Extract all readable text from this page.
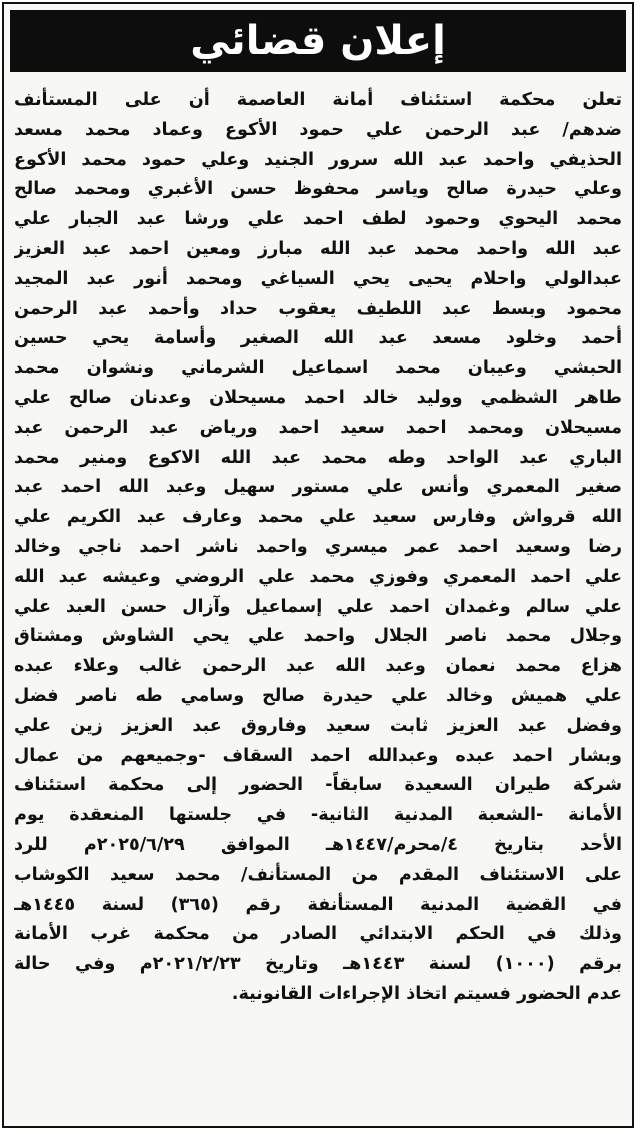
إعلان قضائي
تعلن محكمة استئناف أمانة العاصمة أن على المستأنف
ضدهم/ عبد الرحمن علي حمود الأكوع وعماد محمد مسعد
الحذيفي واحمد عبد الله سرور الجنيد وعلي حمود محمد الأكوع
وعلي حيدرة صالح وياسر محفوظ حسن الأغبري ومحمد صالح
محمد اليحوي وحمود لطف احمد علي ورشا عبد الجبار علي
عبد الله واحمد محمد عبد الله مبارز ومعين احمد عبد العزيز
عبدالولي واحلام يحيى يحي السياغي ومحمد أنور عبد المجيد
محمود وبسط عبد اللطيف يعقوب حداد وأحمد عبد الرحمن
أحمد وخلود مسعد عبد الله الصغير وأسامة يحي حسين
الحبشي وعيبان محمد اسماعيل الشرماني ونشوان محمد
طاهر الشظمي ووليد خالد احمد مسيحلان وعدنان صالح علي
مسيحلان ومحمد احمد سعيد احمد ورياض عبد الرحمن عبد
الباري عبد الواحد وطه محمد عبد الله الاكوع ومنير محمد
صغير المعمري وأنس علي مستور سهيل وعبد الله احمد عبد
الله قرواش وفارس سعيد علي محمد وعارف عبد الكريم علي
رضا وسعيد احمد عمر ميسري واحمد ناشر احمد ناجي وخالد
علي احمد المعمري وفوزي محمد علي الروضي وعيشه عبد الله
علي سالم وغمدان احمد علي إسماعيل وآزال حسن العبد علي
وجلال محمد ناصر الجلال واحمد علي يحي الشاوش ومشتاق
هزاع محمد نعمان وعبد الله عبد الرحمن غالب وعلاء عبده
علي هميش وخالد علي حيدرة صالح وسامي طه ناصر فضل
وفضل عبد العزيز ثابت سعيد وفاروق عبد العزيز زين علي
وبشار احمد عبده وعبدالله احمد السقاف -وجميعهم من عمال
شركة طيران السعيدة سابقاً- الحضور إلى محكمة استئناف
الأمانة -الشعبة المدنية الثانية- في جلستها المنعقدة يوم
الأحد بتاريخ ٤/محرم/١٤٤٧هـ الموافق ٢٠٢٥/٦/٢٩م للرد
على الاستئناف المقدم من المستأنف/ محمد سعيد الكوشاب
في القضية المدنية المستأنفة رقم (٣٦٥) لسنة ١٤٤٥هـ
وذلك في الحكم الابتدائي الصادر من محكمة غرب الأمانة
برقم (١٠٠٠) لسنة ١٤٤٣هـ وتاريخ ٢٠٢١/٢/٢٣م وفي حالة
عدم الحضور فسيتم اتخاذ الإجراءات القانونية.
